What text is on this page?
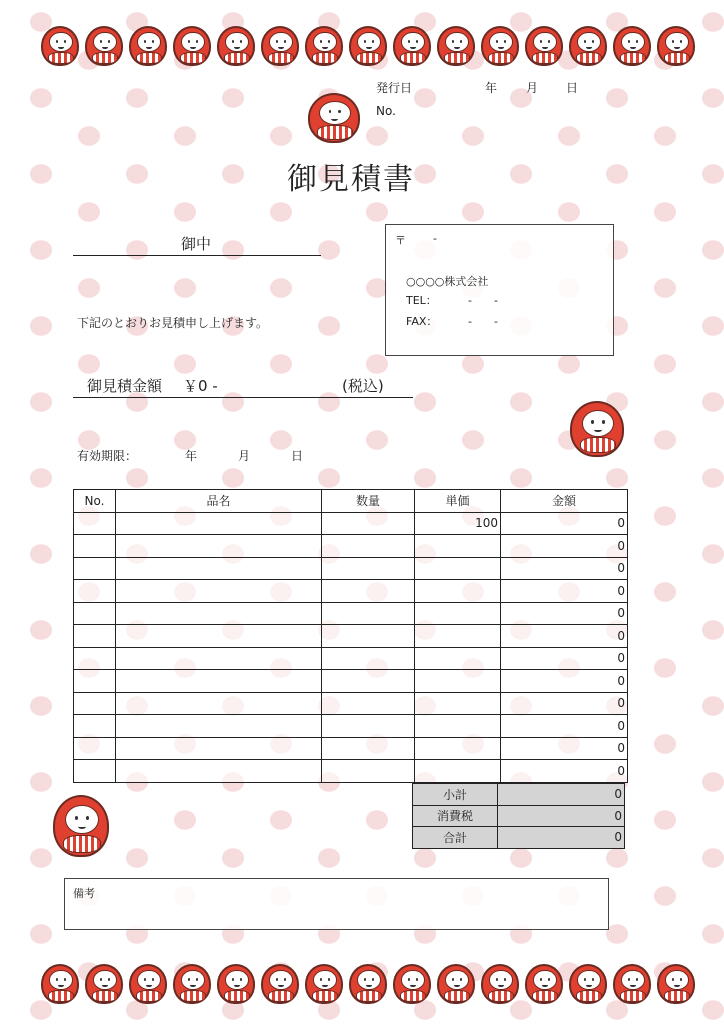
発行日	年 月 日
No.
御見積書
御中
下記のとおりお見積申し上げます。
〒 -
○○○○株式会社
TEL：	-　　-
FAX：	-　　-
御見積金額 ￥0 -	(税込)
有効期限：	年	月	日
No.	品名	数量	単価	金額
			100	0
				0
				0
				0
				0
				0
				0
				0
				0
				0
				0
				0
小計	0
消費税	0
合計	0
備考
